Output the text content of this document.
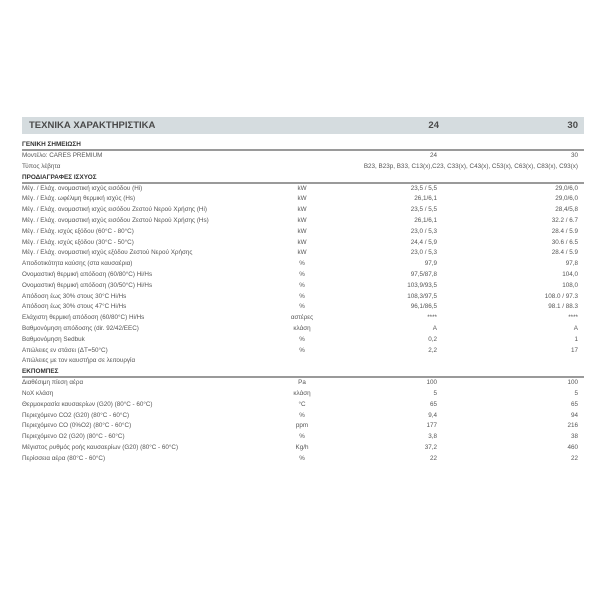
ΤΕΧΝΙΚΑ ΧΑΡΑΚΤΗΡΙΣΤΙΚΑ	24	30
ΓΕΝΙΚΗ ΣΗΜΕΙΩΣΗ
Μοντέλο: CARES PREMIUM	24	30
Τύπος λέβητα	B23, B23p, B33, C13(x),C23, C33(x), C43(x), C53(x), C63(x), C83(x), C93(x)
ΠΡΟΔΙΑΓΡΑΦΕΣ ΙΣΧΥΟΣ
Μέγ. / Ελάχ. ονομαστική ισχύς εισόδου (Hi)	kW	23,5 / 5,5	29,0/6,0
Μέγ. / Ελάχ. ωφέλιμη θερμική ισχύς (Hs)	kW	26,1/6,1	29,0/6,0
Μέγ. / Ελάχ. ονομαστική ισχύς εισόδου Ζεστού Νερού Χρήσης (Hi)	kW	23,5 / 5,5	28,4/5,8
Μέγ. / Ελάχ. ονομαστική ισχύς εισόδου Ζεστού Νερού Χρήσης (Hs)	kW	26,1/6,1	32.2 / 6.7
Μέγ. / Ελάχ. ισχύς εξόδου (60°C - 80°C)	kW	23,0 / 5,3	28.4 / 5.9
Μέγ. / Ελάχ. ισχύς εξόδου (30°C - 50°C)	kW	24,4 / 5,9	30.6 / 6.5
Μέγ. / Ελάχ. ονομαστική ισχύς εξόδου Ζεστού Νερού Χρήσης	kW	23,0 / 5,3	28.4 / 5.9
Αποδοτικότητα καύσης (στα καυσαέρια)	%	97,9	97,8
Ονομαστική θερμική απόδοση (60/80°C) Hi/Hs	%	97,5/87,8	104,0
Ονομαστική θερμική απόδοση (30/50°C) Hi/Hs	%	103,9/93,5	108,0
Απόδοση έως 30% στους 30°C Hi/Hs	%	108,3/97,5	108.0 / 97.3
Απόδοση έως 30% στους 47°C Hi/Hs	%	96,1/86,5	98.1 / 88.3
Ελάχιστη θερμική απόδοση (60/80°C) Hi/Hs	αστέρες	****	****
Βαθμονόμηση απόδοσης (dir. 92/42/EEC)	κλάση	A	A
Βαθμονόμηση Sedbuk	%	0,2	1
Απώλειες εν στάσει (ΔT=50°C)	%	2,2	17
Απώλειες με τον καυστήρα σε λειτουργία
ΕΚΠΟΜΠΕΣ
Διαθέσιμη πίεση αέρα	Pa	100	100
NoX κλάση	κλάση	5	5
Θερμοκρασία καυσαερίων (G20) (80°C - 60°C)	°C	65	65
Περιεχόμενο CO2 (G20) (80°C - 60°C)	%	9,4	94
Περιεχόμενο CO (0%O2) (80°C - 60°C)	ppm	177	216
Περιεχόμενο O2 (G20) (80°C - 60°C)	%	3,8	38
Μέγιστος ρυθμός ροής καυσαερίων (G20) (80°C - 60°C)	Kg/h	37,2	460
Περίσσεια αέρα (80°C - 60°C)	%	22	22
